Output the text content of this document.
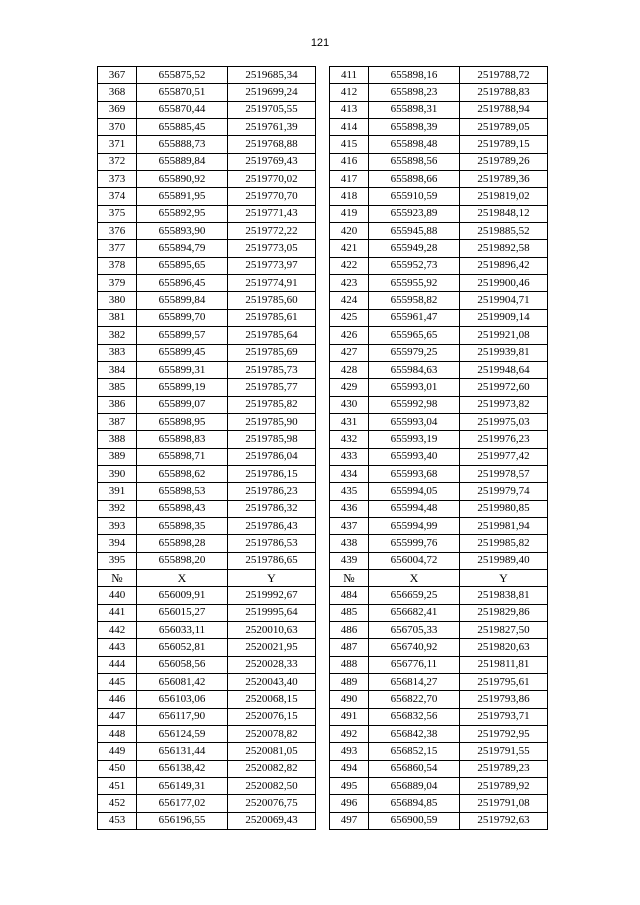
121
367	655875,52	2519685,34		411	655898,16	2519788,72
368	655870,51	2519699,24		412	655898,23	2519788,83
369	655870,44	2519705,55		413	655898,31	2519788,94
370	655885,45	2519761,39		414	655898,39	2519789,05
371	655888,73	2519768,88		415	655898,48	2519789,15
372	655889,84	2519769,43		416	655898,56	2519789,26
373	655890,92	2519770,02		417	655898,66	2519789,36
374	655891,95	2519770,70		418	655910,59	2519819,02
375	655892,95	2519771,43		419	655923,89	2519848,12
376	655893,90	2519772,22		420	655945,88	2519885,52
377	655894,79	2519773,05		421	655949,28	2519892,58
378	655895,65	2519773,97		422	655952,73	2519896,42
379	655896,45	2519774,91		423	655955,92	2519900,46
380	655899,84	2519785,60		424	655958,82	2519904,71
381	655899,70	2519785,61		425	655961,47	2519909,14
382	655899,57	2519785,64		426	655965,65	2519921,08
383	655899,45	2519785,69		427	655979,25	2519939,81
384	655899,31	2519785,73		428	655984,63	2519948,64
385	655899,19	2519785,77		429	655993,01	2519972,60
386	655899,07	2519785,82		430	655992,98	2519973,82
387	655898,95	2519785,90		431	655993,04	2519975,03
388	655898,83	2519785,98		432	655993,19	2519976,23
389	655898,71	2519786,04		433	655993,40	2519977,42
390	655898,62	2519786,15		434	655993,68	2519978,57
391	655898,53	2519786,23		435	655994,05	2519979,74
392	655898,43	2519786,32		436	655994,48	2519980,85
393	655898,35	2519786,43		437	655994,99	2519981,94
394	655898,28	2519786,53		438	655999,76	2519985,82
395	655898,20	2519786,65		439	656004,72	2519989,40
№	X	Y		№	X	Y
440	656009,91	2519992,67		484	656659,25	2519838,81
441	656015,27	2519995,64		485	656682,41	2519829,86
442	656033,11	2520010,63		486	656705,33	2519827,50
443	656052,81	2520021,95		487	656740,92	2519820,63
444	656058,56	2520028,33		488	656776,11	2519811,81
445	656081,42	2520043,40		489	656814,27	2519795,61
446	656103,06	2520068,15		490	656822,70	2519793,86
447	656117,90	2520076,15		491	656832,56	2519793,71
448	656124,59	2520078,82		492	656842,38	2519792,95
449	656131,44	2520081,05		493	656852,15	2519791,55
450	656138,42	2520082,82		494	656860,54	2519789,23
451	656149,31	2520082,50		495	656889,04	2519789,92
452	656177,02	2520076,75		496	656894,85	2519791,08
453	656196,55	2520069,43		497	656900,59	2519792,63
